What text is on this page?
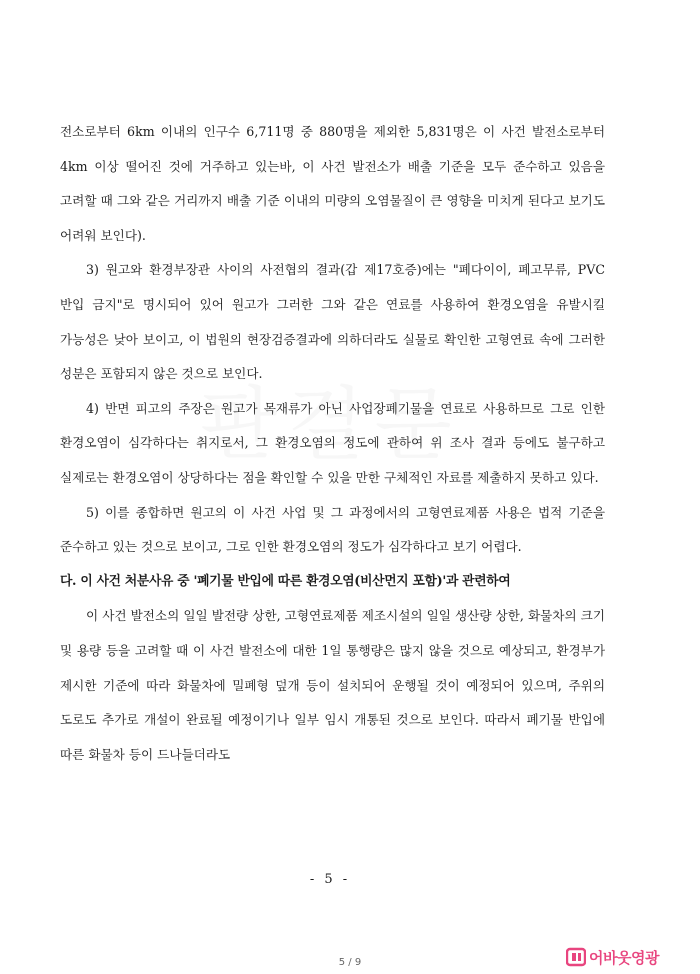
전소로부터 6km 이내의 인구수 6,711명 중 880명을 제외한 5,831명은 이 사건 발전소로부터 4km 이상 떨어진 것에 거주하고 있는바, 이 사건 발전소가 배출 기준을 모두 준수하고 있음을 고려할 때 그와 같은 거리까지 배출 기준 이내의 미량의 오염물질이 큰 영향을 미치게 된다고 보기도 어려워 보인다).

3) 원고와 환경부장관 사이의 사전협의 결과(갑 제17호증)에는 "폐다이이, 폐고무류, PVC 반입 금지"로 명시되어 있어 원고가 그러한 그와 같은 연료를 사용하여 환경오염을 유발시킬 가능성은 낮아 보이고, 이 법원의 현장검증결과에 의하더라도 실물로 확인한 고형연료 속에 그러한 성분은 포함되지 않은 것으로 보인다.

4) 반면 피고의 주장은 원고가 목재류가 아닌 사업장폐기물을 연료로 사용하므로 그로 인한 환경오염이 심각하다는 취지로서, 그 환경오염의 정도에 관하여 위 조사 결과 등에도 불구하고 실제로는 환경오염이 상당하다는 점을 확인할 수 있을 만한 구체적인 자료를 제출하지 못하고 있다.

5) 이를 종합하면 원고의 이 사건 사업 및 그 과정에서의 고형연료제품 사용은 법적 기준을 준수하고 있는 것으로 보이고, 그로 인한 환경오염의 정도가 심각하다고 보기 어렵다.

다. 이 사건 처분사유 중 '폐기물 반입에 따른 환경오염(비산먼지 포함)'과 관련하여

이 사건 발전소의 일일 발전량 상한, 고형연료제품 제조시설의 일일 생산량 상한, 화물차의 크기 및 용량 등을 고려할 때 이 사건 발전소에 대한 1일 통행량은 많지 않을 것으로 예상되고, 환경부가 제시한 기준에 따라 화물차에 밀폐형 덮개 등이 설치되어 운행될 것이 예정되어 있으며, 주위의 도로도 추가로 개설이 완료될 예정이기나 일부 임시 개통된 것으로 보인다. 따라서 폐기물 반입에 따른 화물차 등이 드나들더라도

- 5 -
5 / 9	어바웃영광
